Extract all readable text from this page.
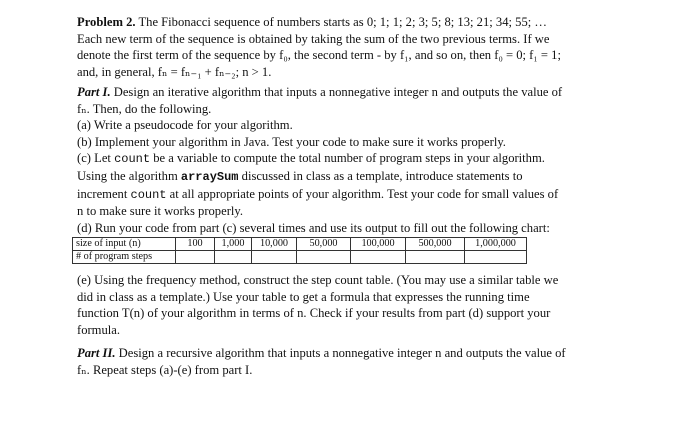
Problem 2. The Fibonacci sequence of numbers starts as 0; 1; 1; 2; 3; 5; 8; 13; 21; 34; 55; …
Each new term of the sequence is obtained by taking the sum of the two previous terms. If we
denote the first term of the sequence by f₀, the second term - by f₁, and so on, then f₀ = 0; f₁ = 1;
and, in general, fₙ = fₙ₋₁ + fₙ₋₂; n > 1.
Part I. Design an iterative algorithm that inputs a nonnegative integer n and outputs the value of
fₙ. Then, do the following.
(a) Write a pseudocode for your algorithm.
(b) Implement your algorithm in Java. Test your code to make sure it works properly.
(c) Let count be a variable to compute the total number of program steps in your algorithm.
Using the algorithm arraySum discussed in class as a template, introduce statements to
increment count at all appropriate points of your algorithm. Test your code for small values of
n to make sure it works properly.
(d) Run your code from part (c) several times and use its output to fill out the following chart:
size of input (n)	100	1,000	10,000	50,000	100,000	500,000	1,000,000
# of program steps							
(e) Using the frequency method, construct the step count table. (You may use a similar table we
did in class as a template.) Use your table to get a formula that expresses the running time
function T(n) of your algorithm in terms of n. Check if your results from part (d) support your
formula.
Part II. Design a recursive algorithm that inputs a nonnegative integer n and outputs the value of
fₙ. Repeat steps (a)-(e) from part I.
